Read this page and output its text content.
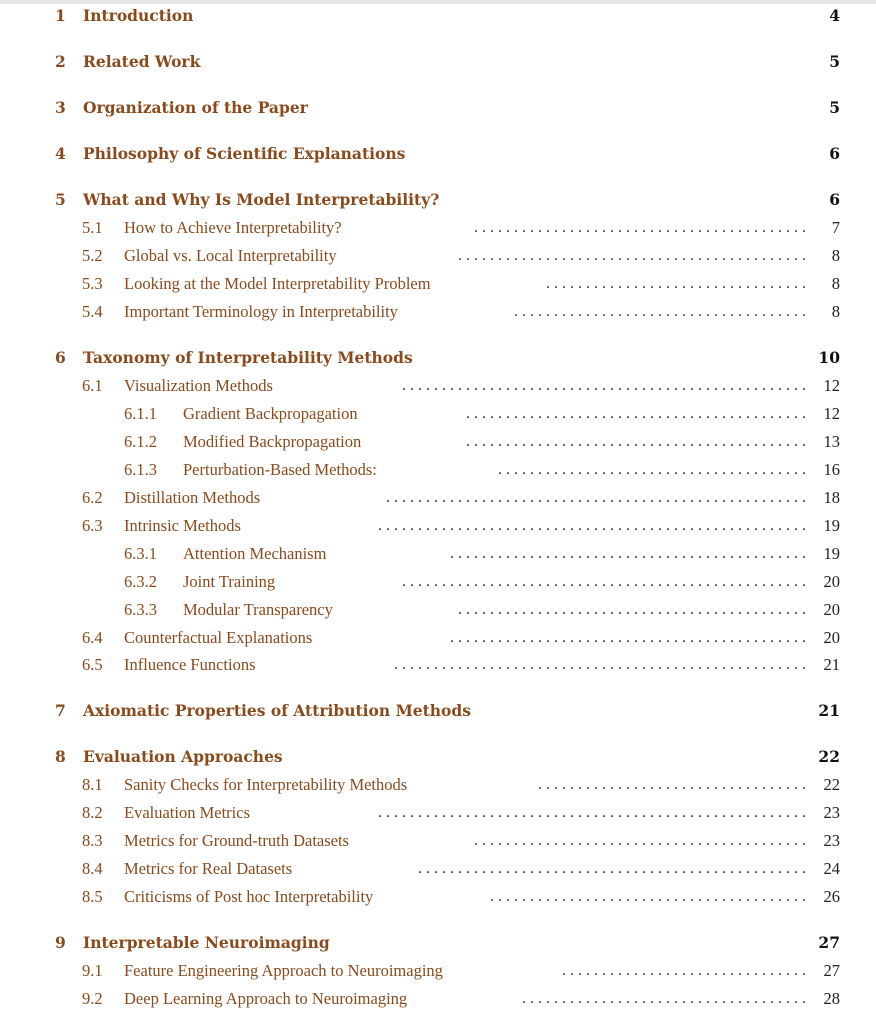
1 Introduction	4
2 Related Work	5
3 Organization of the Paper	5
4 Philosophy of Scientific Explanations	6
5 What and Why Is Model Interpretability?	6
5.1 How to Achieve Interpretability?	. . . . . . . . . . . . . . . . . . . . . . . . . . . . . . . . . . . . . . . . . . 7
5.2 Global vs. Local Interpretability	. . . . . . . . . . . . . . . . . . . . . . . . . . . . . . . . . . . . . . . . . . . . 8
5.3 Looking at the Model Interpretability Problem	. . . . . . . . . . . . . . . . . . . . . . . . . . . . . . . . . 8
5.4 Important Terminology in Interpretability	. . . . . . . . . . . . . . . . . . . . . . . . . . . . . . . . . . . . . 8
6 Taxonomy of Interpretability Methods	10
6.1 Visualization Methods	. . . . . . . . . . . . . . . . . . . . . . . . . . . . . . . . . . . . . . . . . . . . . . . . . . . 12
6.1.1 Gradient Backpropagation	. . . . . . . . . . . . . . . . . . . . . . . . . . . . . . . . . . . . . . . . . . . 12
6.1.2 Modified Backpropagation	. . . . . . . . . . . . . . . . . . . . . . . . . . . . . . . . . . . . . . . . . . . 13
6.1.3 Perturbation-Based Methods:	. . . . . . . . . . . . . . . . . . . . . . . . . . . . . . . . . . . . . . . 16
6.2 Distillation Methods	. . . . . . . . . . . . . . . . . . . . . . . . . . . . . . . . . . . . . . . . . . . . . . . . . . . . . 18
6.3 Intrinsic Methods	. . . . . . . . . . . . . . . . . . . . . . . . . . . . . . . . . . . . . . . . . . . . . . . . . . . . . . 19
6.3.1 Attention Mechanism	. . . . . . . . . . . . . . . . . . . . . . . . . . . . . . . . . . . . . . . . . . . . . 19
6.3.2 Joint Training	. . . . . . . . . . . . . . . . . . . . . . . . . . . . . . . . . . . . . . . . . . . . . . . . . . . 20
6.3.3 Modular Transparency	. . . . . . . . . . . . . . . . . . . . . . . . . . . . . . . . . . . . . . . . . . . . 20
6.4 Counterfactual Explanations	. . . . . . . . . . . . . . . . . . . . . . . . . . . . . . . . . . . . . . . . . . . . . 20
6.5 Influence Functions	. . . . . . . . . . . . . . . . . . . . . . . . . . . . . . . . . . . . . . . . . . . . . . . . . . . . 21
7 Axiomatic Properties of Attribution Methods	21
8 Evaluation Approaches	22
8.1 Sanity Checks for Interpretability Methods	. . . . . . . . . . . . . . . . . . . . . . . . . . . . . . . . . . 22
8.2 Evaluation Metrics	. . . . . . . . . . . . . . . . . . . . . . . . . . . . . . . . . . . . . . . . . . . . . . . . . . . . . . 23
8.3 Metrics for Ground-truth Datasets	. . . . . . . . . . . . . . . . . . . . . . . . . . . . . . . . . . . . . . . . . . 23
8.4 Metrics for Real Datasets	. . . . . . . . . . . . . . . . . . . . . . . . . . . . . . . . . . . . . . . . . . . . . . . . . 24
8.5 Criticisms of Post hoc Interpretability	. . . . . . . . . . . . . . . . . . . . . . . . . . . . . . . . . . . . . . . . 26
9 Interpretable Neuroimaging	27
9.1 Feature Engineering Approach to Neuroimaging	. . . . . . . . . . . . . . . . . . . . . . . . . . . . . . . 27
9.2 Deep Learning Approach to Neuroimaging	. . . . . . . . . . . . . . . . . . . . . . . . . . . . . . . . . . . . 28
